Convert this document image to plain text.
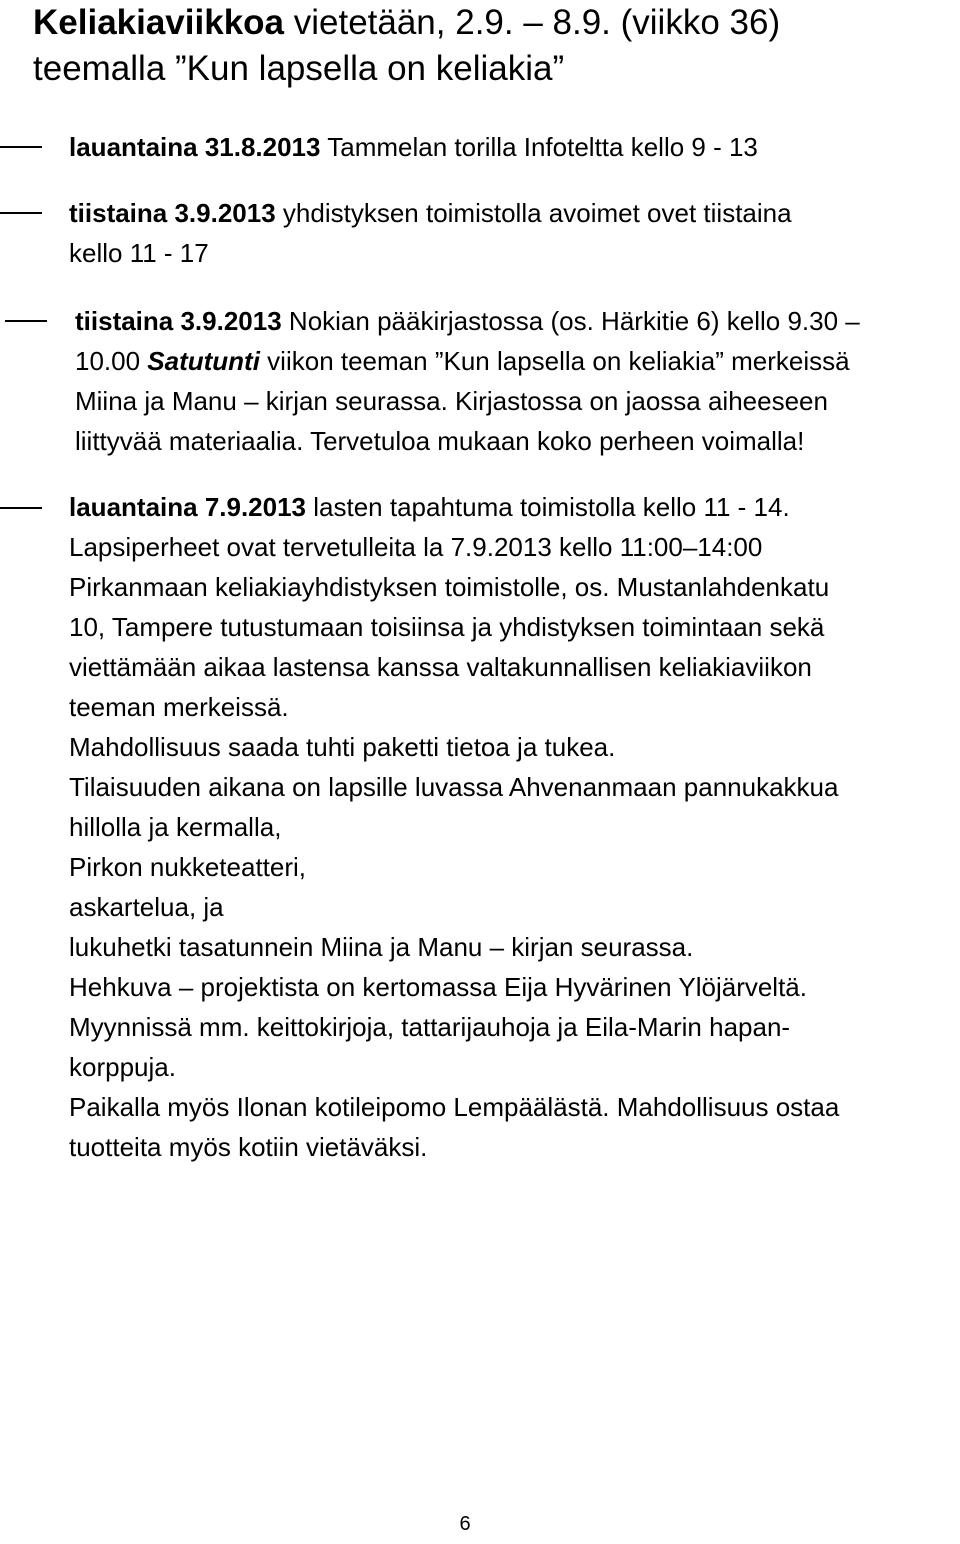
Keliakiaviikkoa vietetään, 2.9. – 8.9. (viikko 36)
teemalla ”Kun lapsella on keliakia”
lauantaina 31.8.2013 Tammelan torilla Infoteltta kello 9 - 13
tiistaina 3.9.2013 yhdistyksen toimistolla avoimet ovet tiistaina
kello 11 - 17
tiistaina 3.9.2013 Nokian pääkirjastossa (os. Härkitie 6) kello 9.30 –
10.00 Satutunti viikon teeman ”Kun lapsella on keliakia” merkeissä
Miina ja Manu – kirjan seurassa. Kirjastossa on jaossa aiheeseen
liittyvää materiaalia. Tervetuloa mukaan koko perheen voimalla!
lauantaina 7.9.2013 lasten tapahtuma toimistolla kello 11 - 14.
Lapsiperheet ovat tervetulleita la 7.9.2013 kello 11:00–14:00
Pirkanmaan keliakiayhdistyksen toimistolle, os. Mustanlahdenkatu
10, Tampere tutustumaan toisiinsa ja yhdistyksen toimintaan sekä
viettämään aikaa lastensa kanssa valtakunnallisen keliakiaviikon
teeman merkeissä.
Mahdollisuus saada tuhti paketti tietoa ja tukea.
Tilaisuuden aikana on lapsille luvassa Ahvenanmaan pannukakkua
hillolla ja kermalla,
Pirkon nukketeatteri,
askartelua, ja
lukuhetki tasatunnein Miina ja Manu – kirjan seurassa.
Hehkuva – projektista on kertomassa Eija Hyvärinen Ylöjärveltä.
Myynnissä mm. keittokirjoja, tattarijauhoja ja Eila-Marin hapan-
korppuja.
Paikalla myös Ilonan kotileipomo Lempäälästä. Mahdollisuus ostaa
tuotteita myös kotiin vietäväksi.
6
